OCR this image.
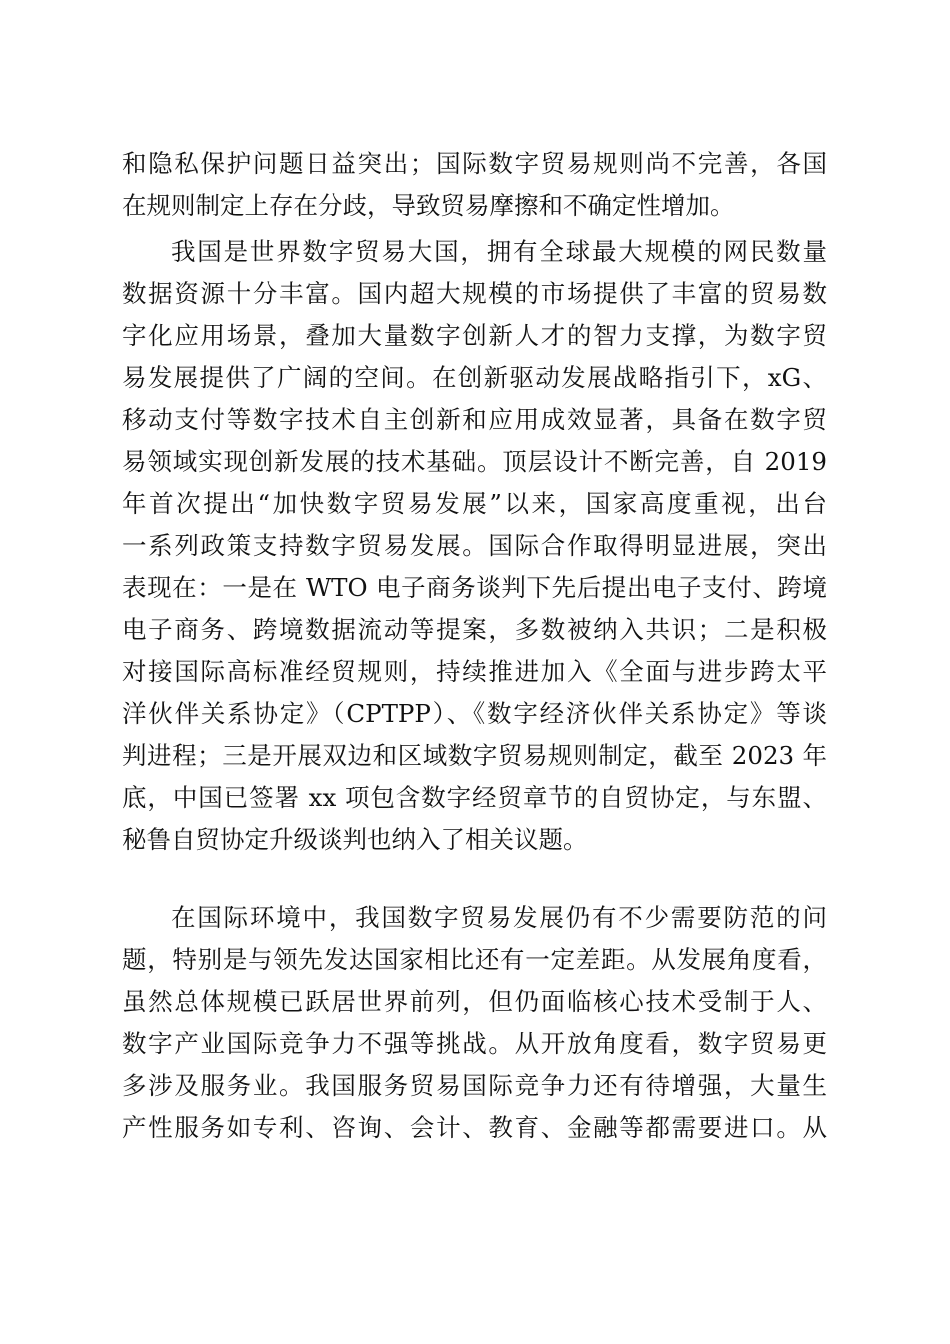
和隐私保护问题日益突出；国际数字贸易规则尚不完善，各国
在规则制定上存在分歧，导致贸易摩擦和不确定性增加。
我国是世界数字贸易大国，拥有全球最大规模的网民数量
数据资源十分丰富。国内超大规模的市场提供了丰富的贸易数
字化应用场景，叠加大量数字创新人才的智力支撑，为数字贸
易发展提供了广阔的空间。在创新驱动发展战略指引下，xG、
移动支付等数字技术自主创新和应用成效显著，具备在数字贸
易领域实现创新发展的技术基础。顶层设计不断完善，自 2019
年首次提出“加快数字贸易发展”以来，国家高度重视，出台
一系列政策支持数字贸易发展。国际合作取得明显进展，突出
表现在：一是在 WTO 电子商务谈判下先后提出电子支付、跨境
电子商务、跨境数据流动等提案，多数被纳入共识；二是积极
对接国际高标准经贸规则，持续推进加入《全面与进步跨太平
洋伙伴关系协定》（CPTPP）、《数字经济伙伴关系协定》等谈
判进程；三是开展双边和区域数字贸易规则制定，截至 2023 年
底，中国已签署 xx 项包含数字经贸章节的自贸协定，与东盟、
秘鲁自贸协定升级谈判也纳入了相关议题。
在国际环境中，我国数字贸易发展仍有不少需要防范的问
题，特别是与领先发达国家相比还有一定差距。从发展角度看，
虽然总体规模已跃居世界前列，但仍面临核心技术受制于人、
数字产业国际竞争力不强等挑战。从开放角度看，数字贸易更
多涉及服务业。我国服务贸易国际竞争力还有待增强，大量生
产性服务如专利、咨询、会计、教育、金融等都需要进口。从
